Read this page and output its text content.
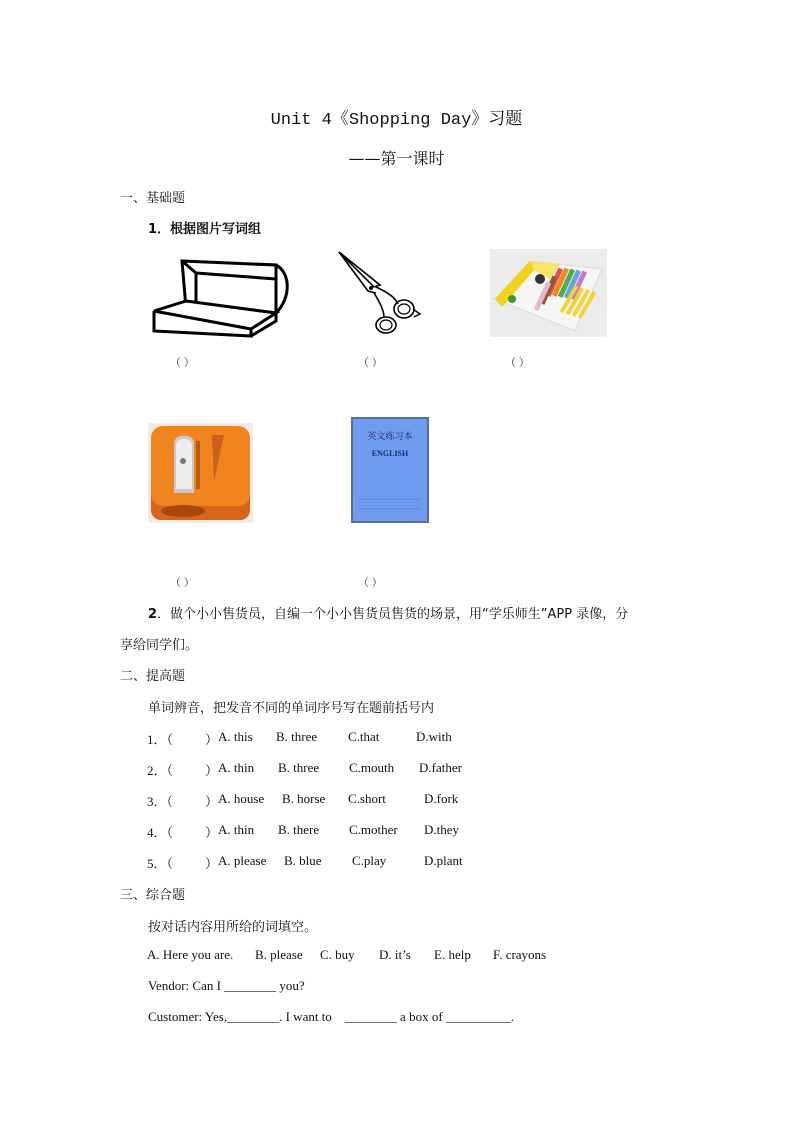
Unit 4《Shopping Day》习题
——第一课时
一、基础题
1．根据图片写词组
（ ）	（ ）	（ ）
（ ）
英文练习本
ENGLISH
（ ）
2．做个小小售货员，自编一个小小售货员售货的场景，用“学乐师生”APP 录像，分
享给同学们。
二、提高题
单词辨音，把发音不同的单词序号写在题前括号内
1．（ ） A. this B. three C.that	D.with
2．（ ） A. thin B. three C.mouth D.father
3．（ ） A. house B. horse C.short	D.fork
4．（ ） A. thin B. there C.mother D.they
5．（ ） A. please B. blue C.play	D.plant
三、综合题
按对话内容用所给的词填空。
A. Here you are. B. please C. buy D. it’s E. help F. crayons
Vendor: Can I ________ you?
Customer: Yes,________. I want to    ________ a box of __________.
